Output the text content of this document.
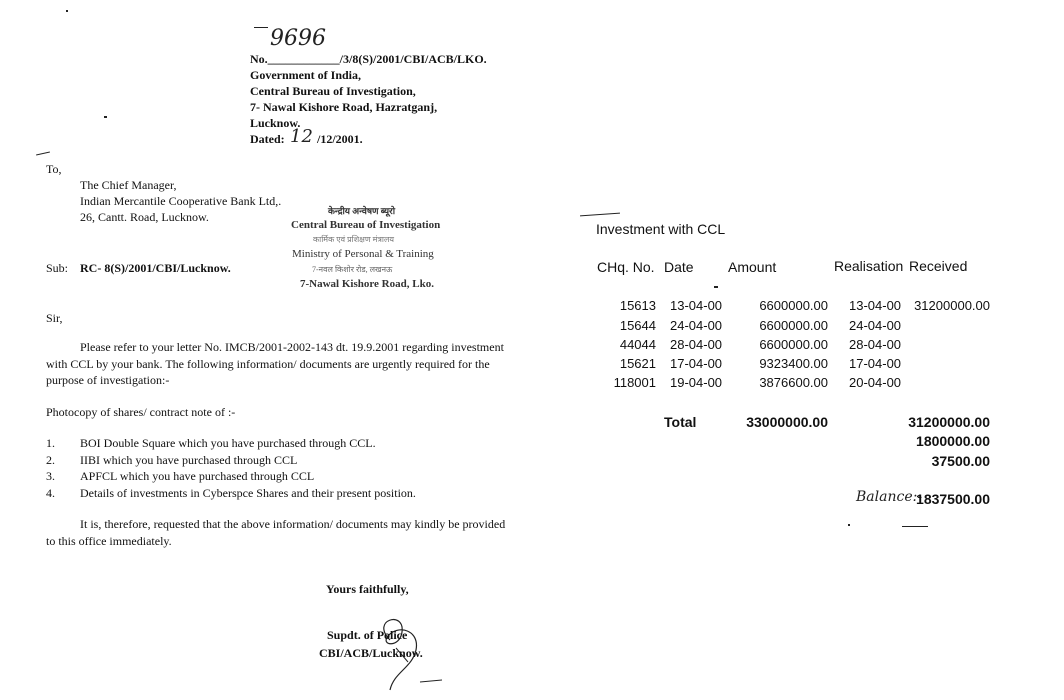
9696
No.____________/3/8(S)/2001/CBI/ACB/LKO.
Government of India,
Central Bureau of Investigation,
7- Nawal Kishore Road, Hazratganj,
Lucknow.
Dated: 12 /12/2001.
To,
The Chief Manager,
Indian Mercantile Cooperative Bank Ltd,.
26, Cantt. Road, Lucknow.	केन्द्रीय अन्वेषण ब्यूरो
Central Bureau of Investigation
कार्मिक एवं प्रशिक्षण मंत्रालय
Ministry of Personal & Training
7-नवल किशोर रोड, लखनऊ
7-Nawal Kishore Road, Lko.
Sub: RC- 8(S)/2001/CBI/Lucknow.
Sir,
Please refer to your letter No. IMCB/2001-2002-143 dt. 19.9.2001 regarding investment
with CCL by your bank. The following information/ documents are urgently required for the
purpose of investigation:-
Photocopy of shares/ contract note of :-
1. BOI Double Square which you have purchased through CCL.
2. IIBI which you have purchased through CCL
3. APFCL which you have purchased through CCL
4. Details of investments in Cyberspce Shares and their present position.
It is, therefore, requested that the above information/ documents may kindly be provided
to this office immediately.
Yours faithfully,
Supdt. of Police
CBI/ACB/Lucknow.
Investment with CCL
CHq. No. Date Amount	Realisation Received
15613 13-04-00	6600000.00 13-04-00	31200000.00
15644 24-04-00	6600000.00 24-04-00
44044 28-04-00	6600000.00 28-04-00
15621 17-04-00	9323400.00 17-04-00
118001 19-04-00	3876600.00 20-04-00
Total	33000000.00	31200000.00
1800000.00
37500.00
Balance:-
1837500.00
